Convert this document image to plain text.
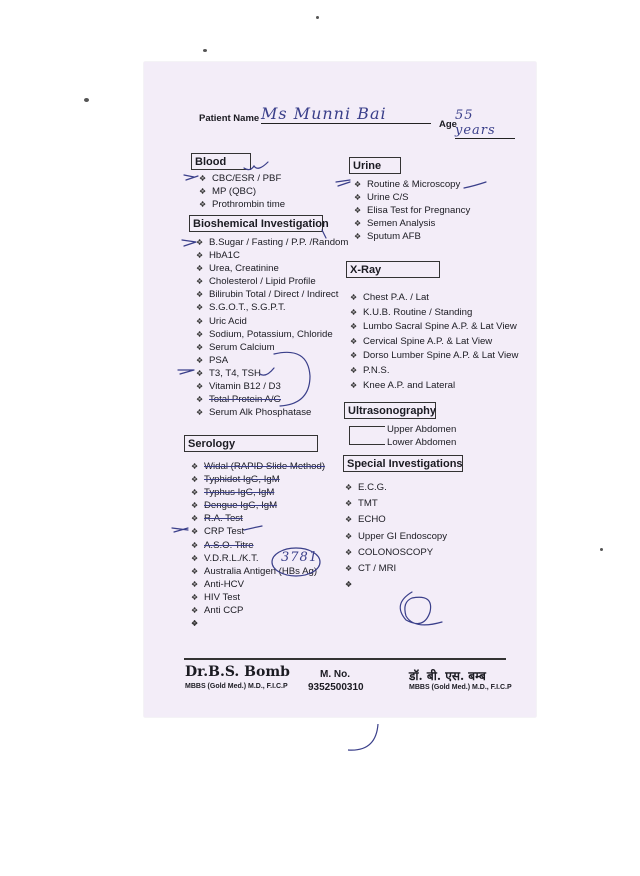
Patient Name Ms Munni Bai
Age
55 years
Blood
❖ CBC/ESR / PBF
❖ MP (QBC)
❖ Prothrombin time
Bioshemical Investigation
❖ B.Sugar / Fasting / P.P. /Random
❖ HbA1C
❖ Urea, Creatinine
❖ Cholesterol / Lipid Profile
❖ Bilirubin Total / Direct / Indirect
❖ S.G.O.T., S.G.P.T.
❖ Uric Acid
❖ Sodium, Potassium, Chloride
❖ Serum Calcium
❖ PSA
❖ T3, T4, TSH
❖ Vitamin B12 / D3
❖ Total Protein A/G
❖ Serum Alk Phosphatase
Serology
❖ Widal (RAPID Slide Method)
❖ Typhidot IgG, IgM
❖ Typhus IgG, IgM
❖ Dengue IgG, IgM
❖ R.A. Test
❖ CRP Test
❖ A.S.O. Titre
❖ V.D.R.L./K.T.
❖ Australia Antigen (HBs Ag)
❖ Anti-HCV
❖ HIV Test
❖ Anti CCP
Urine
❖ Routine & Microscopy
❖ Urine C/S
❖ Elisa Test for Pregnancy
❖ Semen Analysis
❖ Sputum AFB
X-Ray
❖ Chest P.A. / Lat
❖ K.U.B. Routine / Standing
❖ Lumbo Sacral Spine A.P. & Lat View
❖ Cervical Spine A.P. & Lat View
❖ Dorso Lumber Spine A.P. & Lat View
❖ P.N.S.
❖ Knee A.P. and Lateral
Ultrasonography
Upper Abdomen
Lower Abdomen
Special Investigations
❖ E.C.G.
❖ TMT
❖ ECHO
❖ Upper GI Endoscopy
❖ COLONOSCOPY
❖ CT / MRI
3781
Dr.B.S. Bomb
MBBS (Gold Med.) M.D., F.I.C.P
M. No.
9352500310
डॉ. बी. एस. बम्ब
MBBS (Gold Med.) M.D., F.I.C.P
